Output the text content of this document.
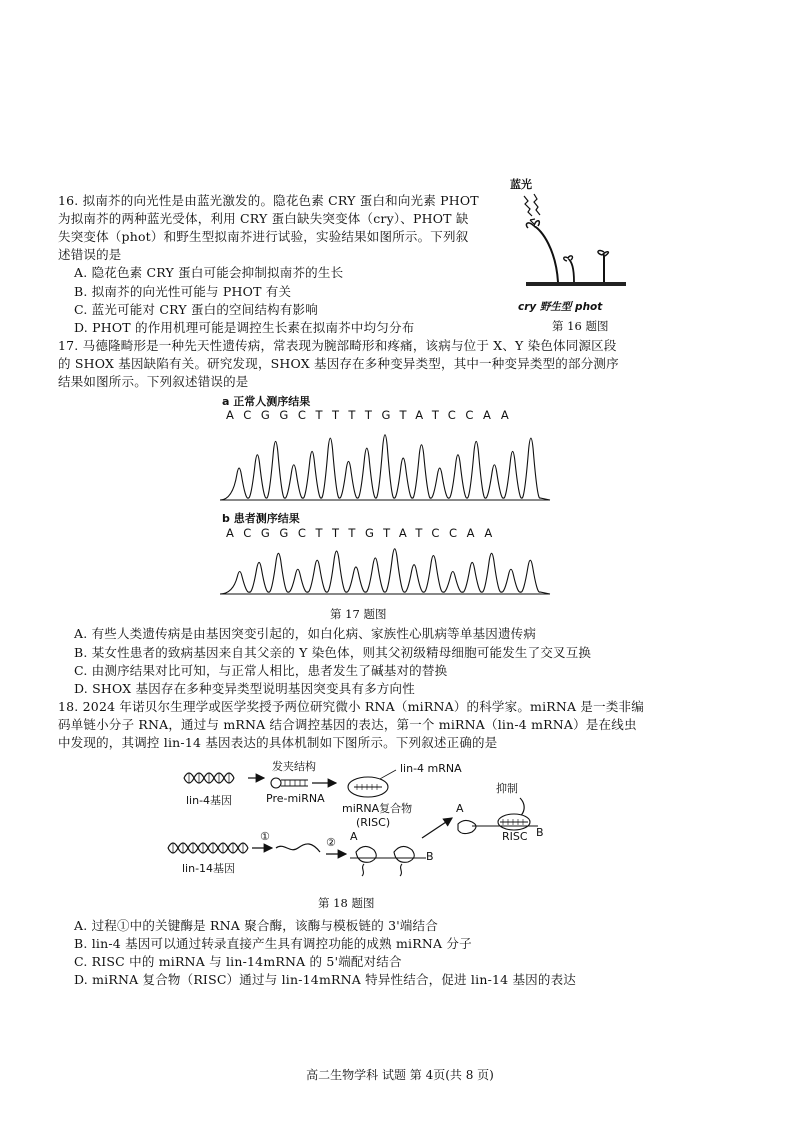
16. 拟南芥的向光性是由蓝光激发的。隐花色素 CRY 蛋白和向光素 PHOT
为拟南芥的两种蓝光受体，利用 CRY 蛋白缺失突变体（cry）、PHOT 缺
失突变体（phot）和野生型拟南芥进行试验，实验结果如图所示。下列叙
述错误的是
A. 隐花色素 CRY 蛋白可能会抑制拟南芥的生长
B. 拟南芥的向光性可能与 PHOT 有关
C. 蓝光可能对 CRY 蛋白的空间结构有影响
D. PHOT 的作用机理可能是调控生长素在拟南芥中均匀分布
蓝光
cry 野生型 phot
第 16 题图
17. 马德隆畸形是一种先天性遗传病，常表现为腕部畸形和疼痛，该病与位于 X、Y 染色体同源区段
的 SHOX 基因缺陷有关。研究发现，SHOX 基因存在多种变异类型，其中一种变异类型的部分测序
结果如图所示。下列叙述错误的是
a 正常人测序结果
ACGGCTTTTGTATCCAA
b 患者测序结果
ACGGCTTTGTATCCAA
第 17 题图
A. 有些人类遗传病是由基因突变引起的，如白化病、家族性心肌病等单基因遗传病
B. 某女性患者的致病基因来自其父亲的 Y 染色体，则其父初级精母细胞可能发生了交叉互换
C. 由测序结果对比可知，与正常人相比，患者发生了碱基对的替换
D. SHOX 基因存在多种变异类型说明基因突变具有多方向性
18. 2024 年诺贝尔生理学或医学奖授予两位研究微小 RNA（miRNA）的科学家。miRNA 是一类非编
码单链小分子 RNA，通过与 mRNA 结合调控基因的表达，第一个 miRNA（lin-4 mRNA）是在线虫
中发现的，其调控 lin-14 基因表达的具体机制如下图所示。下列叙述正确的是
lin-4基因
发夹结构
Pre-miRNA
lin-4 mRNA
miRNA复合物
(RISC)
抑制
A
B
RISC
lin-14基因
①	② A
B
第 18 题图
A. 过程①中的关键酶是 RNA 聚合酶，该酶与模板链的 3'端结合
B. lin-4 基因可以通过转录直接产生具有调控功能的成熟 miRNA 分子
C. RISC 中的 miRNA 与 lin-14mRNA 的 5'端配对结合
D. miRNA 复合物（RISC）通过与 lin-14mRNA 特异性结合，促进 lin-14 基因的表达
高二生物学科 试题 第 4页(共 8 页)
